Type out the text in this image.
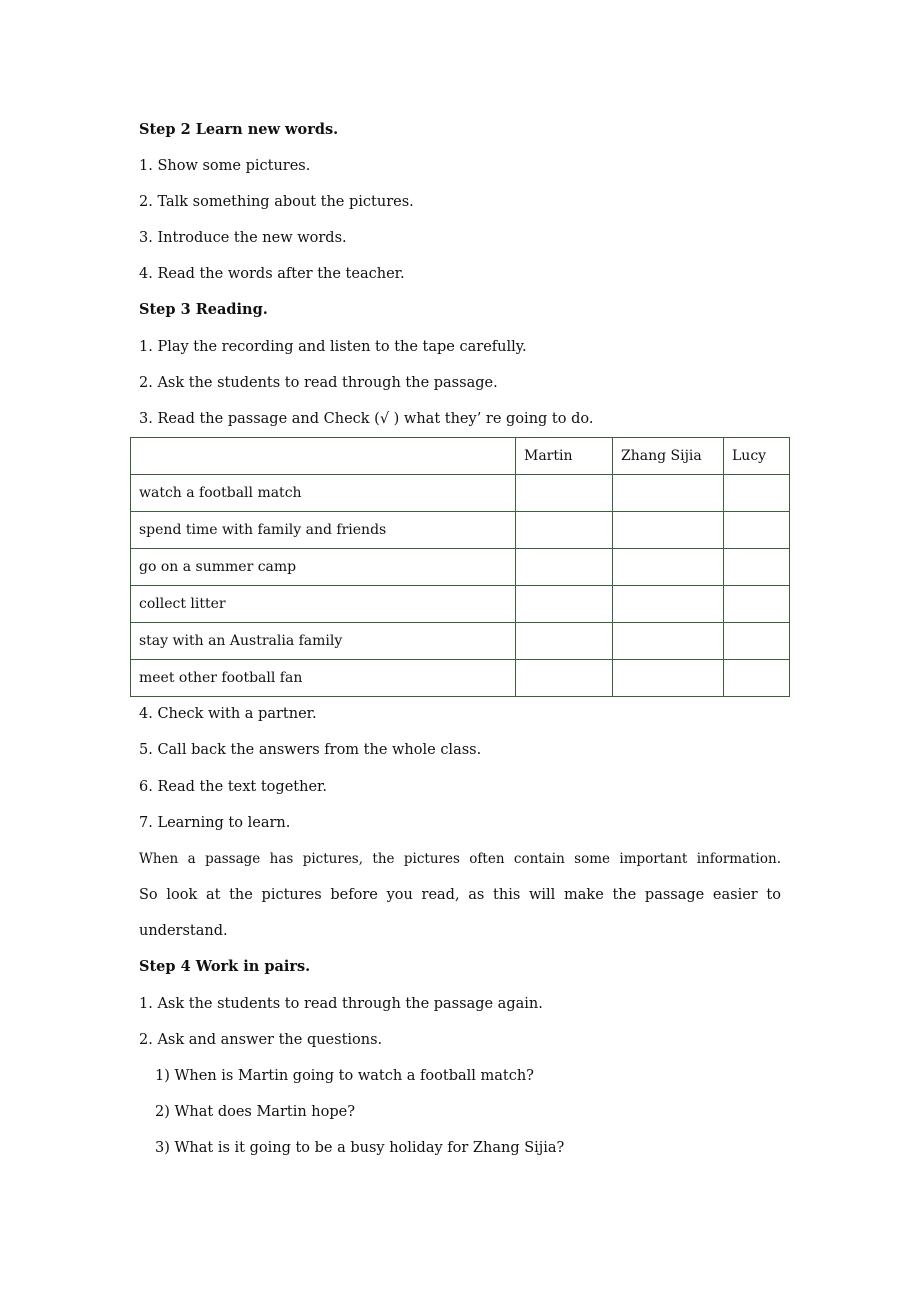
Step 2 Learn new words.
1. Show some pictures.
2. Talk something about the pictures.
3. Introduce the new words.
4. Read the words after the teacher.
Step 3 Reading.
1. Play the recording and listen to the tape carefully.
2. Ask the students to read through the passage.
3. Read the passage and Check (√ ) what they’ re going to do.
	Martin	Zhang Sijia	Lucy
watch a football match			
spend time with family and friends			
go on a summer camp			
collect litter			
stay with an Australia family			
meet other football fan			
4. Check with a partner.
5. Call back the answers from the whole class.
6. Read the text together.
7. Learning to learn.
When a passage has pictures, the pictures often contain some important information.
So look at the pictures before you read, as this will make the passage easier to
understand.
Step 4 Work in pairs.
1. Ask the students to read through the passage again.
2. Ask and answer the questions.
1) When is Martin going to watch a football match?
2) What does Martin hope?
3) What is it going to be a busy holiday for Zhang Sijia?
